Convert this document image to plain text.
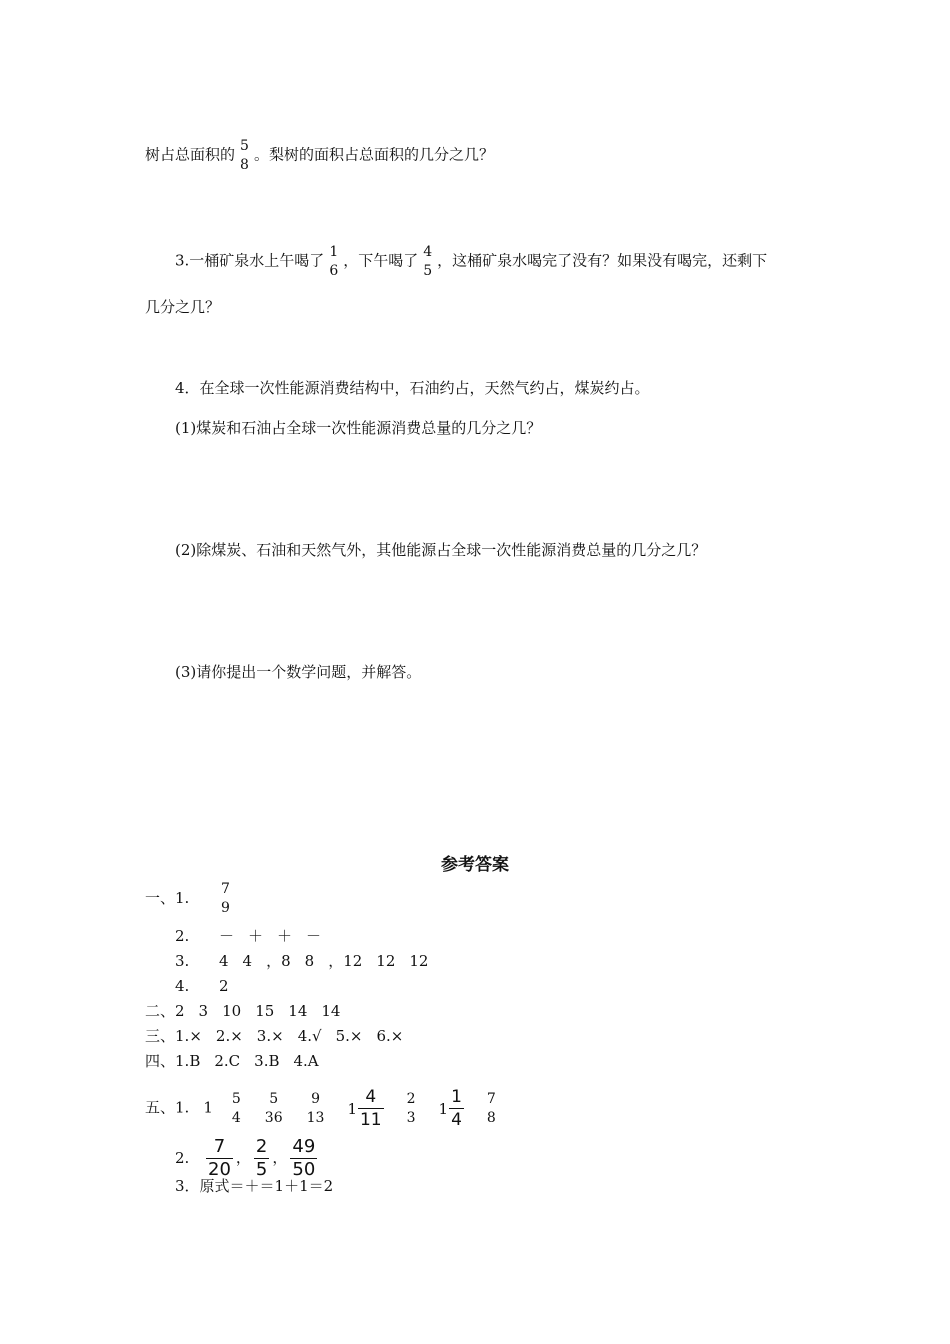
树占总面积的 5
8
。梨树的面积占总面积的几分之几？
3.一桶矿泉水上午喝了 1
6
，下午喝了 4
5
，这桶矿泉水喝完了没有？如果没有喝完，还剩下
几分之几？
4．在全球一次性能源消费结构中，石油约占，天然气约占，煤炭约占。
(1)煤炭和石油占全球一次性能源消费总量的几分之几？
(2)除煤炭、石油和天然气外，其他能源占全球一次性能源消费总量的几分之几？
(3)请你提出一个数学问题，并解答。
参考答案
一、1. 7
9
2. － ＋ ＋ －
3. 4 4 ，8 8 ，12 12 12
4. 2
二、2 3 10 15 14 14
三、1.× 2.× 3.× 4.√ 5.× 6.×
四、1.B 2.C 3.B 4.A
五、1. 1 5
4
5
36
9
13
$1 \frac{4}{11} 2$
3
$1 \frac{1}{4} 7$
8
2. $\frac{7}{20}$ ， $\frac{2}{5}$ ， $\frac{49}{50}$
3．原式＝＋＝1＋1＝2
